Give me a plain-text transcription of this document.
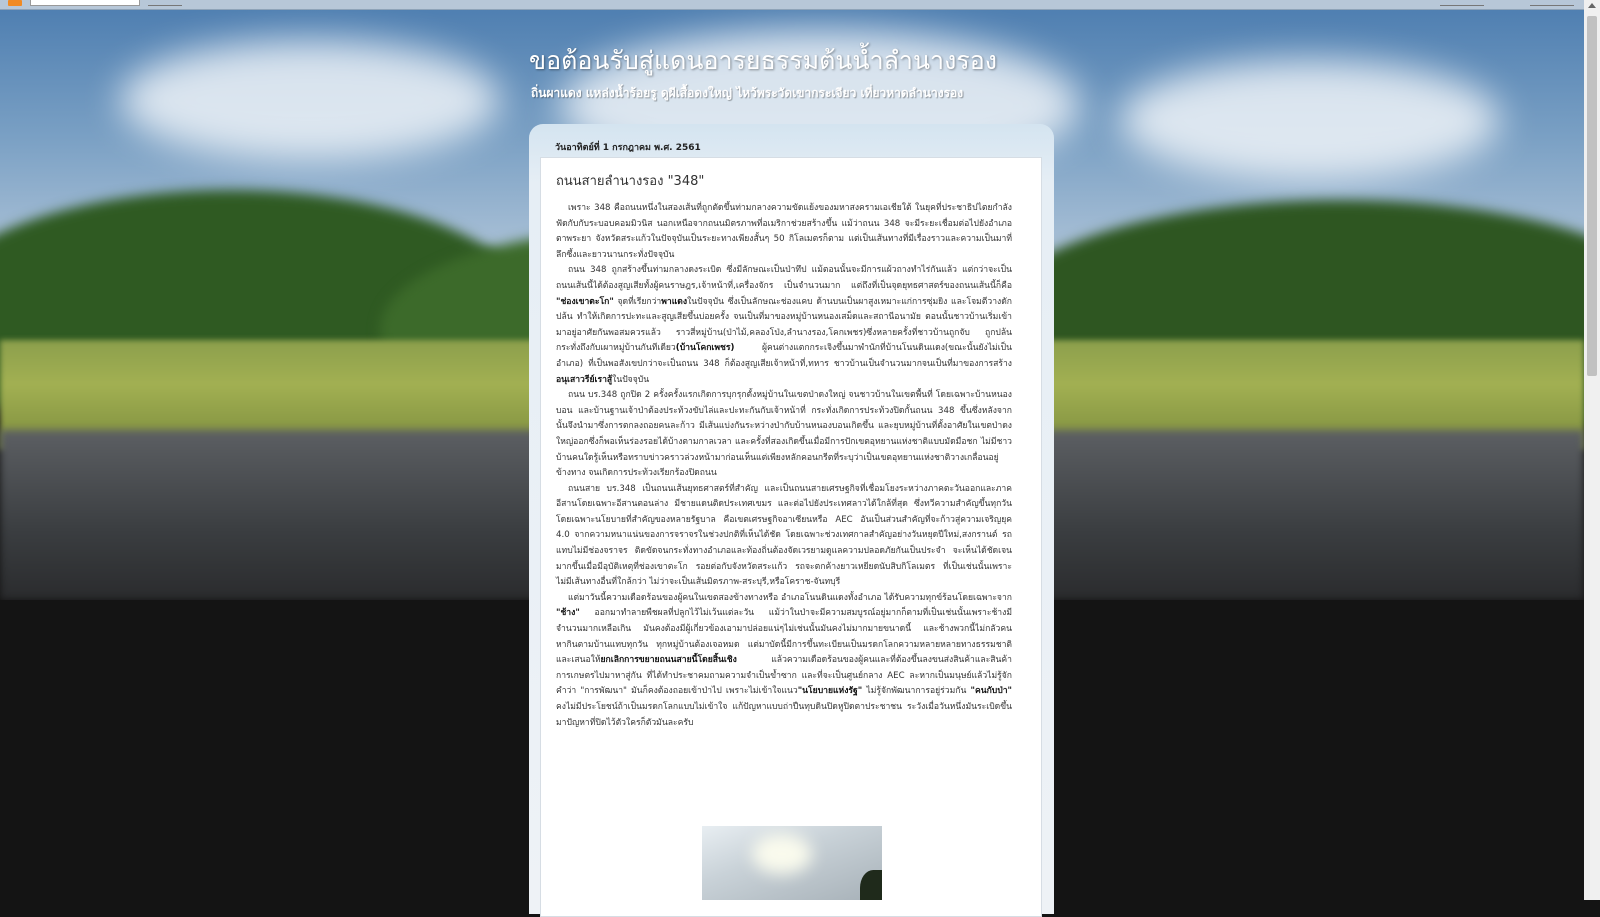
ขอต้อนรับสู่แดนอารยธรรมต้นน้ำลำนางรอง
ถิ่นผาแดง แหล่งน้ำร้อยรู ดูผีเสื้อดงใหญ่ ไหว้พระวัดเขากระเจียว เที่ยวหาดลำนางรอง
วันอาทิตย์ที่ 1 กรกฎาคม พ.ศ. 2561
ถนนสายลำนางรอง "348"

เพราะ 348 คือถนนหนึ่งในสองเส้นที่ถูกตัดขึ้นท่ามกลางความขัดแย้งของมหาสงครามเอเชียใต้ ในยุคที่ประชาธิปไตยกำลังฟัดกับกับระบอบคอมมิวนิส นอกเหนือจากถนนมิตรภาพที่อเมริกาช่วยสร้างขึ้น แม้ว่าถนน 348 จะมีระยะเชื่อมต่อไปยังอำเภอตาพระยา จังหวัดสระแก้วในปัจจุบันเป็นระยะทางเพียงสั้นๆ 50 กิโลเมตรก็ตาม แต่เป็นเส้นทางที่มีเรื่องราวและความเป็นมาที่ลึกซึ้งและยาวนานกระทั่งปัจจุบัน

ถนน 348 ถูกสร้างขึ้นท่ามกลางดงระเบิด ซึ่งมีลักษณะเป็นป่าทึป แม้ตอนนั้นจะมีการแผ้วถางทำไร่กันแล้ว แต่กว่าจะเป็นถนนเส้นนี้ได้ต้องสูญเสียทั้งผู้คนราษฎร,เจ้าหน้าที่,เครื่องจักร เป็นจำนวนมาก แต่ถึงที่เป็นจุดยุทธศาสตร์ของถนนเส้นนี้ก็คือ "ช่องเขาตะโก" จุดที่เรียกว่าพาแดงในปัจจุบัน ซึ่งเป็นลักษณะช่องแคบ ด้านบนเป็นผาสูงเหมาะแก่การซุ่มยิง และโจมตีวางดักปล้น ทำให้เกิดการปะทะและสูญเสียขึ้นบ่อยครั้ง จนเป็นที่มาของหมู่บ้านหนองเสม็ดและสถานีอนามัย ตอนนั้นชาวบ้านเริ่มเข้ามาอยู่อาศัยกันพอสมควรแล้ว ราวสี่หมู่บ้าน(ป่าไม้,คลองโป่ง,ลำนางรอง,โคกเพชร)ซึ่งหลายครั้งที่ชาวบ้านถูกจับ ถูกปล้น กระทั่งถึงกับเผาหมู่บ้านกันทีเดียว(บ้านโคกเพชร)	ผู้คนต่างแตกกระเจิงขึ้นมาพำนักที่บ้านโนนดินแดง(ขณะนั้นยังไม่เป็นอำเภอ) ที่เป็นพอสังเขปกว่าจะเป็นถนน 348 ก็ต้องสูญเสียเจ้าหน้าที่,ทหาร ชาวบ้านเป็นจำนวนมากจนเป็นที่มาของการสร้างอนุเสาวรีย์เราสู้ในปัจจุบัน

ถนน บร.348 ถูกปิด 2 ครั้งครั้งแรกเกิดการบุกรุกตั้งหมู่บ้านในเขตป่าดงใหญ่ จนชาวบ้านในเขตพื้นที่ โดยเฉพาะบ้านหนองบอน และบ้านฐานเจ้าป่าต้องประท้วงขับไล่และปะทะกันกับเจ้าหน้าที่ กระทั่งเกิดการประท้วงปิดกั้นถนน 348 ขึ้นซึ่งหลังจากนั้นจึงนำมาซึ่งการตกลงถอยคนละก้าว มีเส้นแบ่งกันระหว่างป่ากับบ้านหนองบอนเกิดขึ้น และยุบหมู่บ้านที่ตั้งอาศัยในเขตป่าดงใหญ่ออกซึ่งก็พอเห็นร่องรอยได้บ้างตามกาลเวลา และครั้งที่สองเกิดขึ้นเมื่อมีการปักเขตอุทยานแห่งชาติแบบมัดมือชก ไม่มีชาวบ้านคนใดรู้เห็นหรือทราบข่าวคราวล่วงหน้ามาก่อนเห็นแต่เพียงหลักคอนกรีตที่ระบุว่าเป็นเขตอุทยานแห่งชาติวางเกลื่อนอยู่ข้างทาง จนเกิดการประท้วงเรียกร้องปิดถนน

ถนนสาย บร.348 เป็นถนนเส้นยุทธศาสตร์ที่สำคัญ และเป็นถนนสายเศรษฐกิจที่เชื่อมโยงระหว่างภาคตะวันออกและภาคอีสานโดยเฉพาะอีสานตอนล่าง มีชายแดนติดประเทศเขมร และต่อไปยังประเทศลาวได้ใกล้ที่สุด ซึ่งทวีความสำคัญขึ้นทุกวันโดยเฉพาะนโยบายที่สำคัญของหลายรัฐบาล คือเขตเศรษฐกิจอาเซียนหรือ AEC อันเป็นส่วนสำคัญที่จะก้าวสู่ความเจริญยุค 4.0 จากความหนาแน่นของการจราจรในช่วงปกติที่เห็นได้ชัด โดยเฉพาะช่วงเทศกาลสำคัญอย่างวันหยุดปีใหม่,สงกรานต์ รถแทบไม่มีช่องจราจร ติดขัดจนกระทั่งทางอำเภอและท้องถิ่นต้องจัดเวรยามดูแลความปลอดภัยกันเป็นประจำ จะเห็นได้ชัดเจนมากขึ้นเมื่อมีอุบัติเหตุที่ช่องเขาตะโก รอยต่อกับจังหวัดสระแก้ว รถจะตกค้างยาวเหยียดนับสิบกิโลเมตร ที่เป็นเช่นนั้นเพราะไม่มีเส้นทางอื่นที่ใกล้กว่า ไม่ว่าจะเป็นเส้นมิตรภาพ-สระบุรี,หรือโคราช-จันทบุรี

แต่มาวันนี้ความเดือดร้อนของผู้คนในเขตสองข้างทางหรือ อำเภอโนนดินแดงทั้งอำเภอ ได้รับความทุกข์ร้อนโดยเฉพาะจาก "ช้าง" ออกมาทำลายพืชผลที่ปลูกไว้ไม่เว้นแต่ละวัน แม้ว่าในป่าจะมีความสมบูรณ์อยู่มากก็ตามที่เป็นเช่นนั้นเพราะช้างมีจำนวนมากเหลือเกิน มันคงต้องมีผู้เกี่ยวข้องเอามาปล่อยแน่ๆไม่เช่นนั้นมันคงไม่มากมายขนาดนี้ และช้างพวกนี้ไม่กลัวคน หากินตามบ้านแทบทุกวัน ทุกหมู่บ้านต้องเจอหมด แต่มาบัดนี้มีการขึ้นทะเบียนเป็นมรดกโลกความหลายหลายทางธรรมชาติ และเสนอให้ยกเลิกการขยายถนนสายนี้โดยสิ้นเชิง	แล้วความเดือดร้อนของผู้คนและที่ต้องขึ้นลงขนส่งสินค้าและสินค้าการเกษตรไปมาหาสู่กัน ที่ได้ทำประชาคมถามความจำเป็นข้ำซาก และที่จะเป็นศูนย์กลาง AEC ละหากเป็นมนุษย์แล้วไม่รู้จักคำว่า "การพัฒนา" มันก็คงต้องถอยเข้าป่าไป เพราะไม่เข้าใจแนว"นโยบายแห่งรัฐ" ไม่รู้จักพัฒนาการอยู่ร่วมกัน "คนกับป่า" คงไม่มีประโยชน์ถ้าเป็นมรดกโลกแบบไม่เข้าใจ แก้ปัญหาแบบถ่าปืนทุบดินปิดหูปิดตาประชาชน ระวังเมื่อวันหนึ่งมันระเบิดขึ้นมาปัญหาที่ปิดไว้ตัวใครก็ตัวมันละครับ
